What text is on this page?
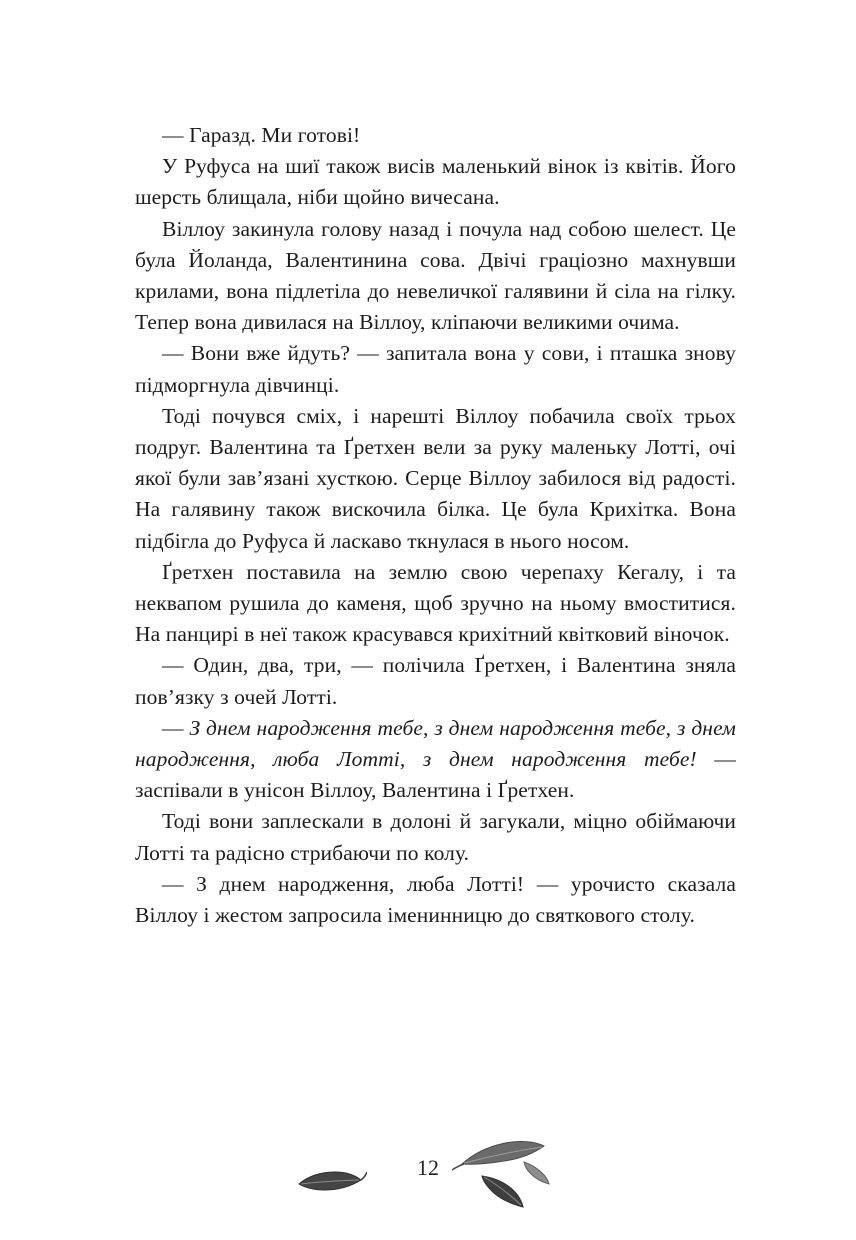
— Гаразд. Ми готові!

У Руфуса на шиї також висів маленький вінок із квітів. Його шерсть блищала, ніби щойно вичесана.

Віллоу закинула голову назад і почула над собою шелест. Це була Йоланда, Валентинина сова. Двічі граціозно махнувши крилами, вона підлетіла до невеличкої галявини й сіла на гілку. Тепер вона дивилася на Віллоу, кліпаючи великими очима.

— Вони вже йдуть? — запитала вона у сови, і пташка знову підморгнула дівчинці.

Тоді почувся сміх, і нарешті Віллоу побачила своїх трьох подруг. Валентина та Ґретхен вели за руку маленьку Лотті, очі якої були зав’язані хусткою. Серце Віллоу забилося від радості. На галявину також вискочила білка. Це була Крихітка. Вона підбігла до Руфуса й ласкаво ткнулася в нього носом.

Ґретхен поставила на землю свою черепаху Кегалу, і та неквапом рушила до каменя, щоб зручно на ньому вмоститися. На панцирі в неї також красувався крихітний квітковий віночок.

— Один, два, три, — полічила Ґретхен, і Валентина зняла пов’язку з очей Лотті.

— З днем народження тебе, з днем народження тебе, з днем народження, люба Лотті, з днем народження тебе! — заспівали в унісон Віллоу, Валентина і Ґретхен.

Тоді вони заплескали в долоні й загукали, міцно обіймаючи Лотті та радісно стрибаючи по колу.

— З днем народження, люба Лотті! — урочисто сказала Віллоу і жестом запросила іменинницю до святкового столу.

12
